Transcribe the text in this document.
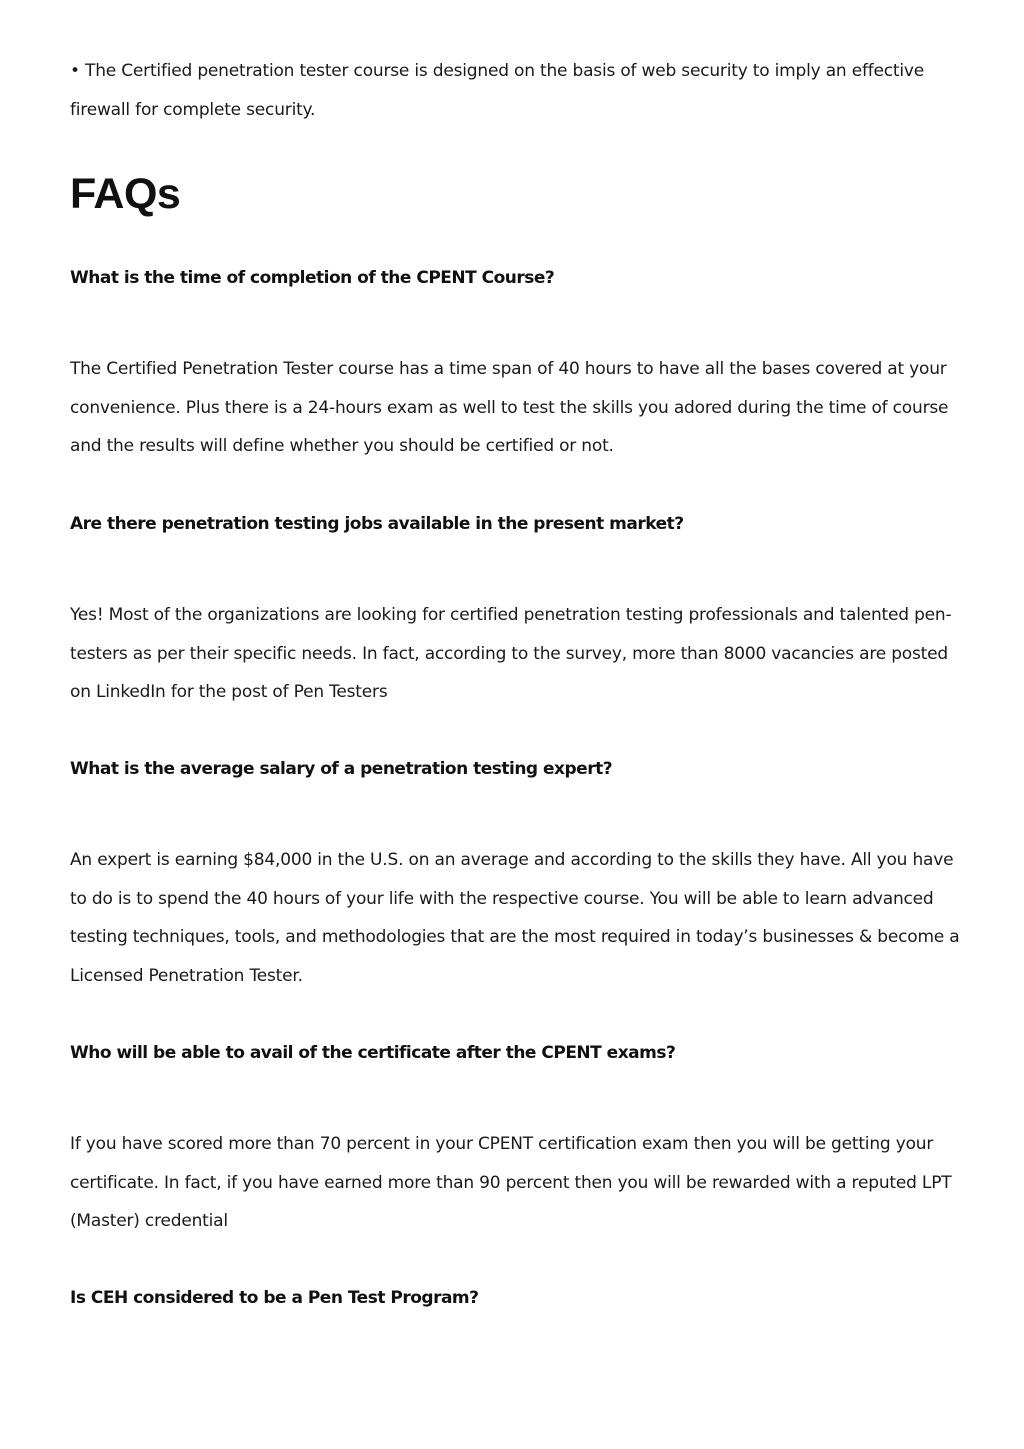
• The Certified penetration tester course is designed on the basis of web security to imply an effective firewall for complete security.

FAQs

What is the time of completion of the CPENT Course?

The Certified Penetration Tester course has a time span of 40 hours to have all the bases covered at your convenience. Plus there is a 24-hours exam as well to test the skills you adored during the time of course and the results will define whether you should be certified or not.

Are there penetration testing jobs available in the present market?

Yes! Most of the organizations are looking for certified penetration testing professionals and talented pen-testers as per their specific needs. In fact, according to the survey, more than 8000 vacancies are posted on LinkedIn for the post of Pen Testers

What is the average salary of a penetration testing expert?

An expert is earning $84,000 in the U.S. on an average and according to the skills they have. All you have to do is to spend the 40 hours of your life with the respective course. You will be able to learn advanced testing techniques, tools, and methodologies that are the most required in today’s businesses & become a Licensed Penetration Tester.

Who will be able to avail of the certificate after the CPENT exams?

If you have scored more than 70 percent in your CPENT certification exam then you will be getting your certificate. In fact, if you have earned more than 90 percent then you will be rewarded with a reputed LPT (Master) credential

Is CEH considered to be a Pen Test Program?
